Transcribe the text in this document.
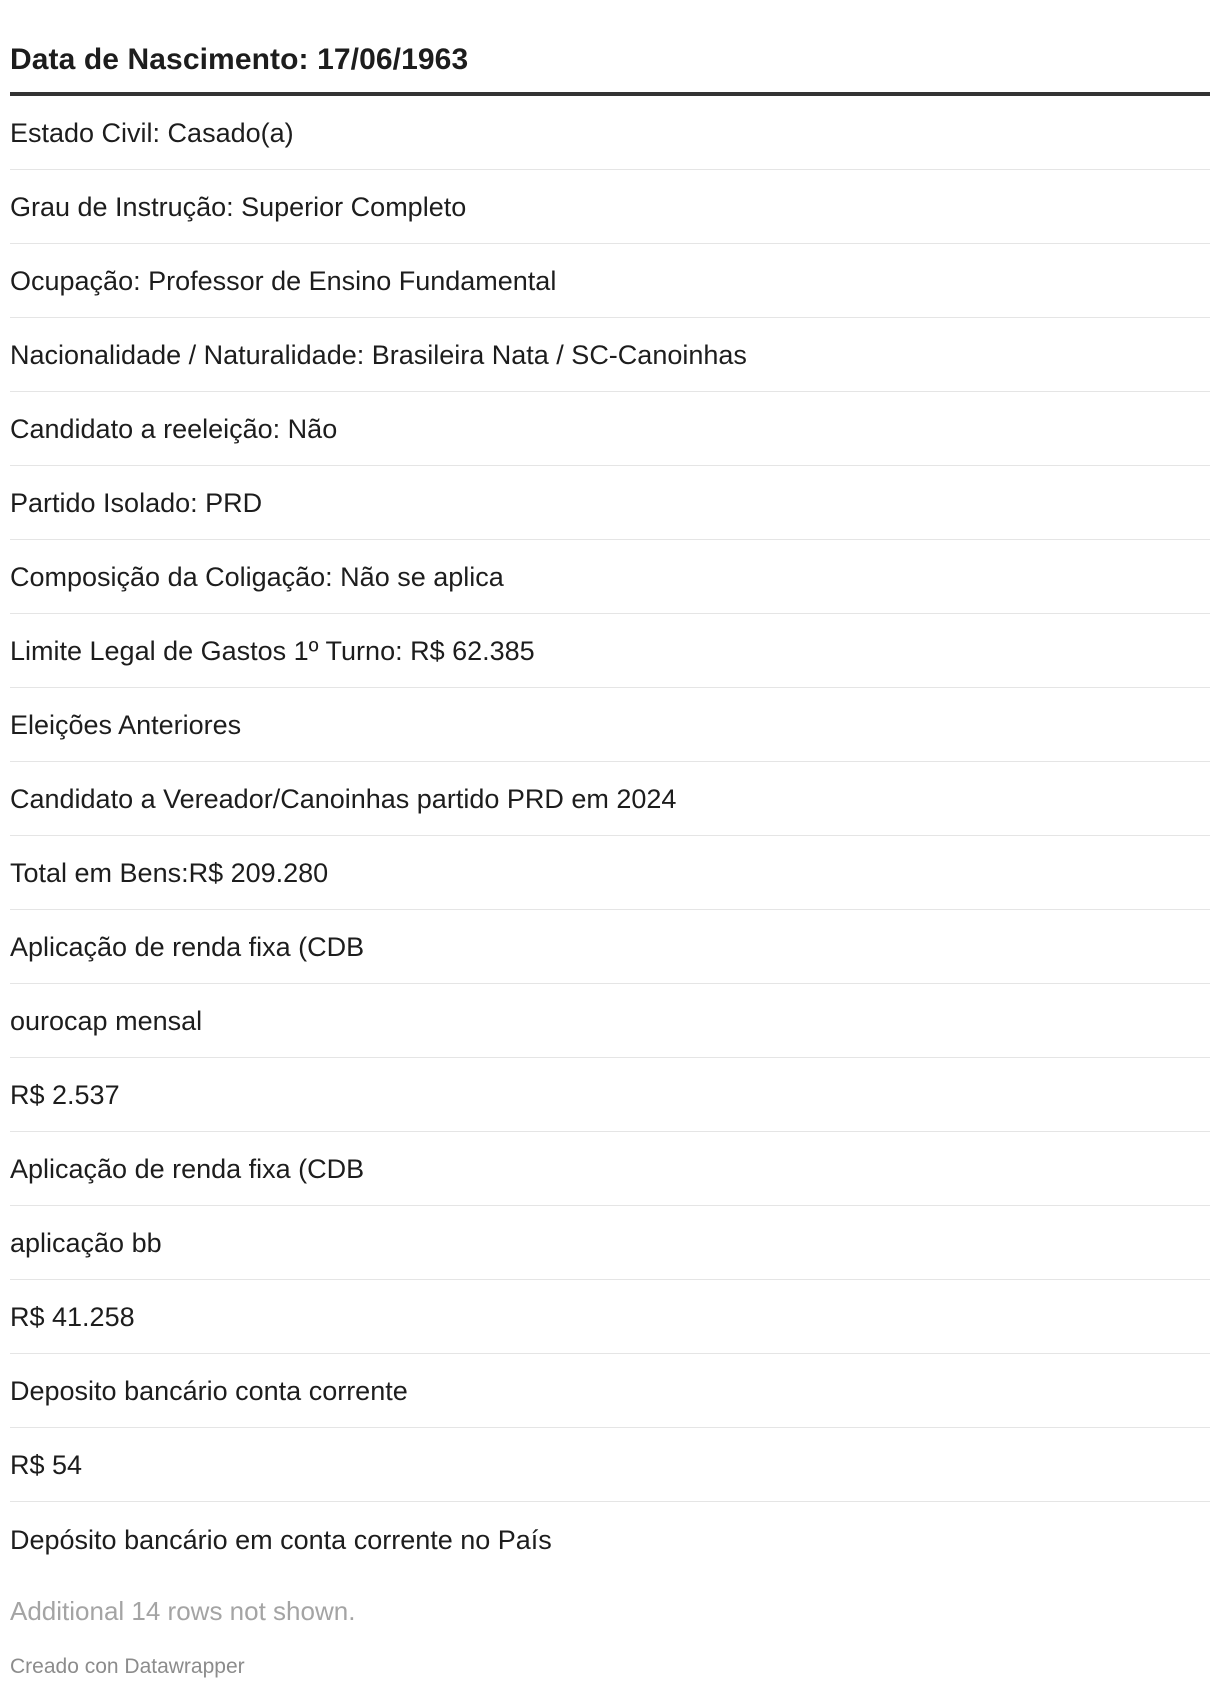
Data de Nascimento: 17/06/1963
Estado Civil: Casado(a)
Grau de Instrução: Superior Completo
Ocupação: Professor de Ensino Fundamental
Nacionalidade / Naturalidade: Brasileira Nata / SC-Canoinhas
Candidato a reeleição: Não
Partido Isolado: PRD
Composição da Coligação: Não se aplica
Limite Legal de Gastos 1º Turno: R$ 62.385
Eleições Anteriores
Candidato a Vereador/Canoinhas partido PRD em 2024
Total em Bens:R$ 209.280
Aplicação de renda fixa (CDB
ourocap mensal
R$ 2.537
Aplicação de renda fixa (CDB
aplicação bb
R$ 41.258
Deposito bancário conta corrente
R$ 54
Depósito bancário em conta corrente no País
Additional 14 rows not shown.
Creado con Datawrapper
